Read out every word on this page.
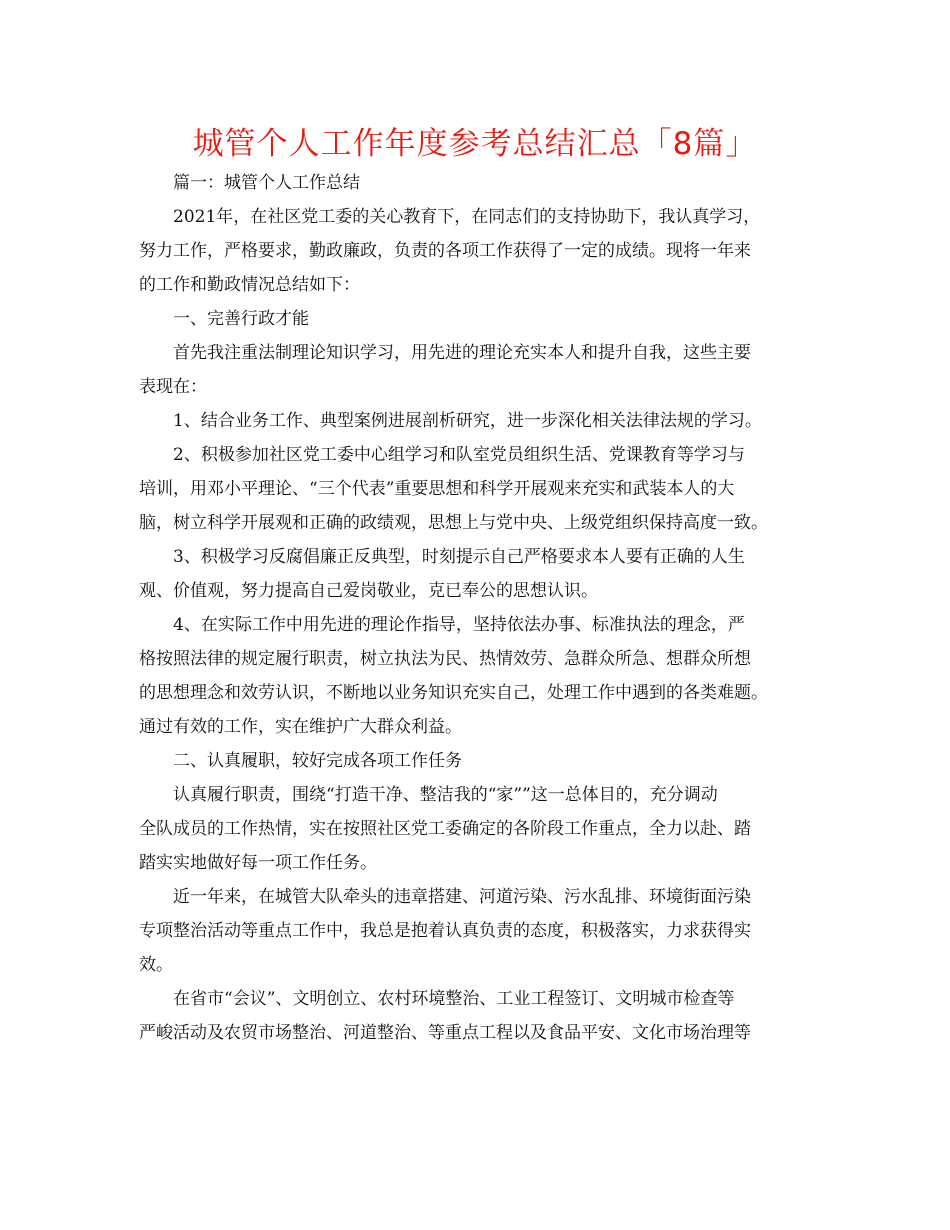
城管个人工作年度参考总结汇总「8篇」
篇一：城管个人工作总结
2021年，在社区党工委的关心教育下，在同志们的支持协助下，我认真学习，
努力工作，严格要求，勤政廉政，负责的各项工作获得了一定的成绩。现将一年来
的工作和勤政情况总结如下：
一、完善行政才能
首先我注重法制理论知识学习，用先进的理论充实本人和提升自我，这些主要
表现在：
1、结合业务工作、典型案例进展剖析研究，进一步深化相关法律法规的学习。
2、积极参加社区党工委中心组学习和队室党员组织生活、党课教育等学习与
培训，用邓小平理论、“三个代表”重要思想和科学开展观来充实和武装本人的大
脑，树立科学开展观和正确的政绩观，思想上与党中央、上级党组织保持高度一致。
3、积极学习反腐倡廉正反典型，时刻提示自己严格要求本人要有正确的人生
观、价值观，努力提高自己爱岗敬业，克已奉公的思想认识。
4、在实际工作中用先进的理论作指导，坚持依法办事、标准执法的理念，严
格按照法律的规定履行职责，树立执法为民、热情效劳、急群众所急、想群众所想
的思想理念和效劳认识，不断地以业务知识充实自己，处理工作中遇到的各类难题。
通过有效的工作，实在维护广大群众利益。
二、认真履职，较好完成各项工作任务
认真履行职责，围绕“打造干净、整洁我的“家””这一总体目的，充分调动
全队成员的工作热情，实在按照社区党工委确定的各阶段工作重点，全力以赴、踏
踏实实地做好每一项工作任务。
近一年来，在城管大队牵头的违章搭建、河道污染、污水乱排、环境街面污染
专项整治活动等重点工作中，我总是抱着认真负责的态度，积极落实，力求获得实
效。
在省市“会议”、文明创立、农村环境整治、工业工程签订、文明城市检查等
严峻活动及农贸市场整治、河道整治、等重点工程以及食品平安、文化市场治理等
